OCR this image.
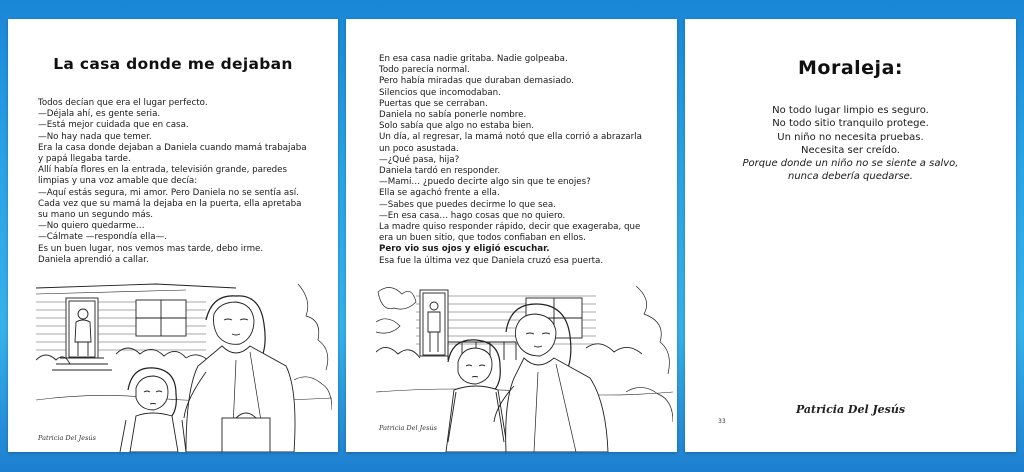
La casa donde me dejaban
Todos decían que era el lugar perfecto.
—Déjala ahí, es gente seria.
—Está mejor cuidada que en casa.
—No hay nada que temer.
Era la casa donde dejaban a Daniela cuando mamá trabajaba
y papá llegaba tarde.
Allí había flores en la entrada, televisión grande, paredes
limpias y una voz amable que decía:
—Aquí estás segura, mi amor. Pero Daniela no se sentía así.
Cada vez que su mamá la dejaba en la puerta, ella apretaba
su mano un segundo más.
—No quiero quedarme…
—Cálmate —respondía ella—.
Es un buen lugar, nos vemos mas tarde, debo irme.
Daniela aprendió a callar.
Patricia Del Jesús
En esa casa nadie gritaba. Nadie golpeaba.
Todo parecía normal.
Pero había miradas que duraban demasiado.
Silencios que incomodaban.
Puertas que se cerraban.
Daniela no sabía ponerle nombre.
Solo sabía que algo no estaba bien.
Un día, al regresar, la mamá notó que ella corrió a abrazarla
un poco asustada.
—¿Qué pasa, hija?
Daniela tardó en responder.
—Mami… ¿puedo decirte algo sin que te enojes?
Ella se agachó frente a ella.
—Sabes que puedes decirme lo que sea.
—En esa casa… hago cosas que no quiero.
La madre quiso responder rápido, decir que exageraba, que
era un buen sitio, que todos confiaban en ellos.
Pero vio sus ojos y eligió escuchar.
Esa fue la última vez que Daniela cruzó esa puerta.
Patricia Del Jesús
Moraleja:
No todo lugar limpio es seguro.
No todo sitio tranquilo protege.
Un niño no necesita pruebas.
Necesita ser creído.
Porque donde un niño no se siente a salvo,
nunca debería quedarse.
Patricia Del Jesús
33
